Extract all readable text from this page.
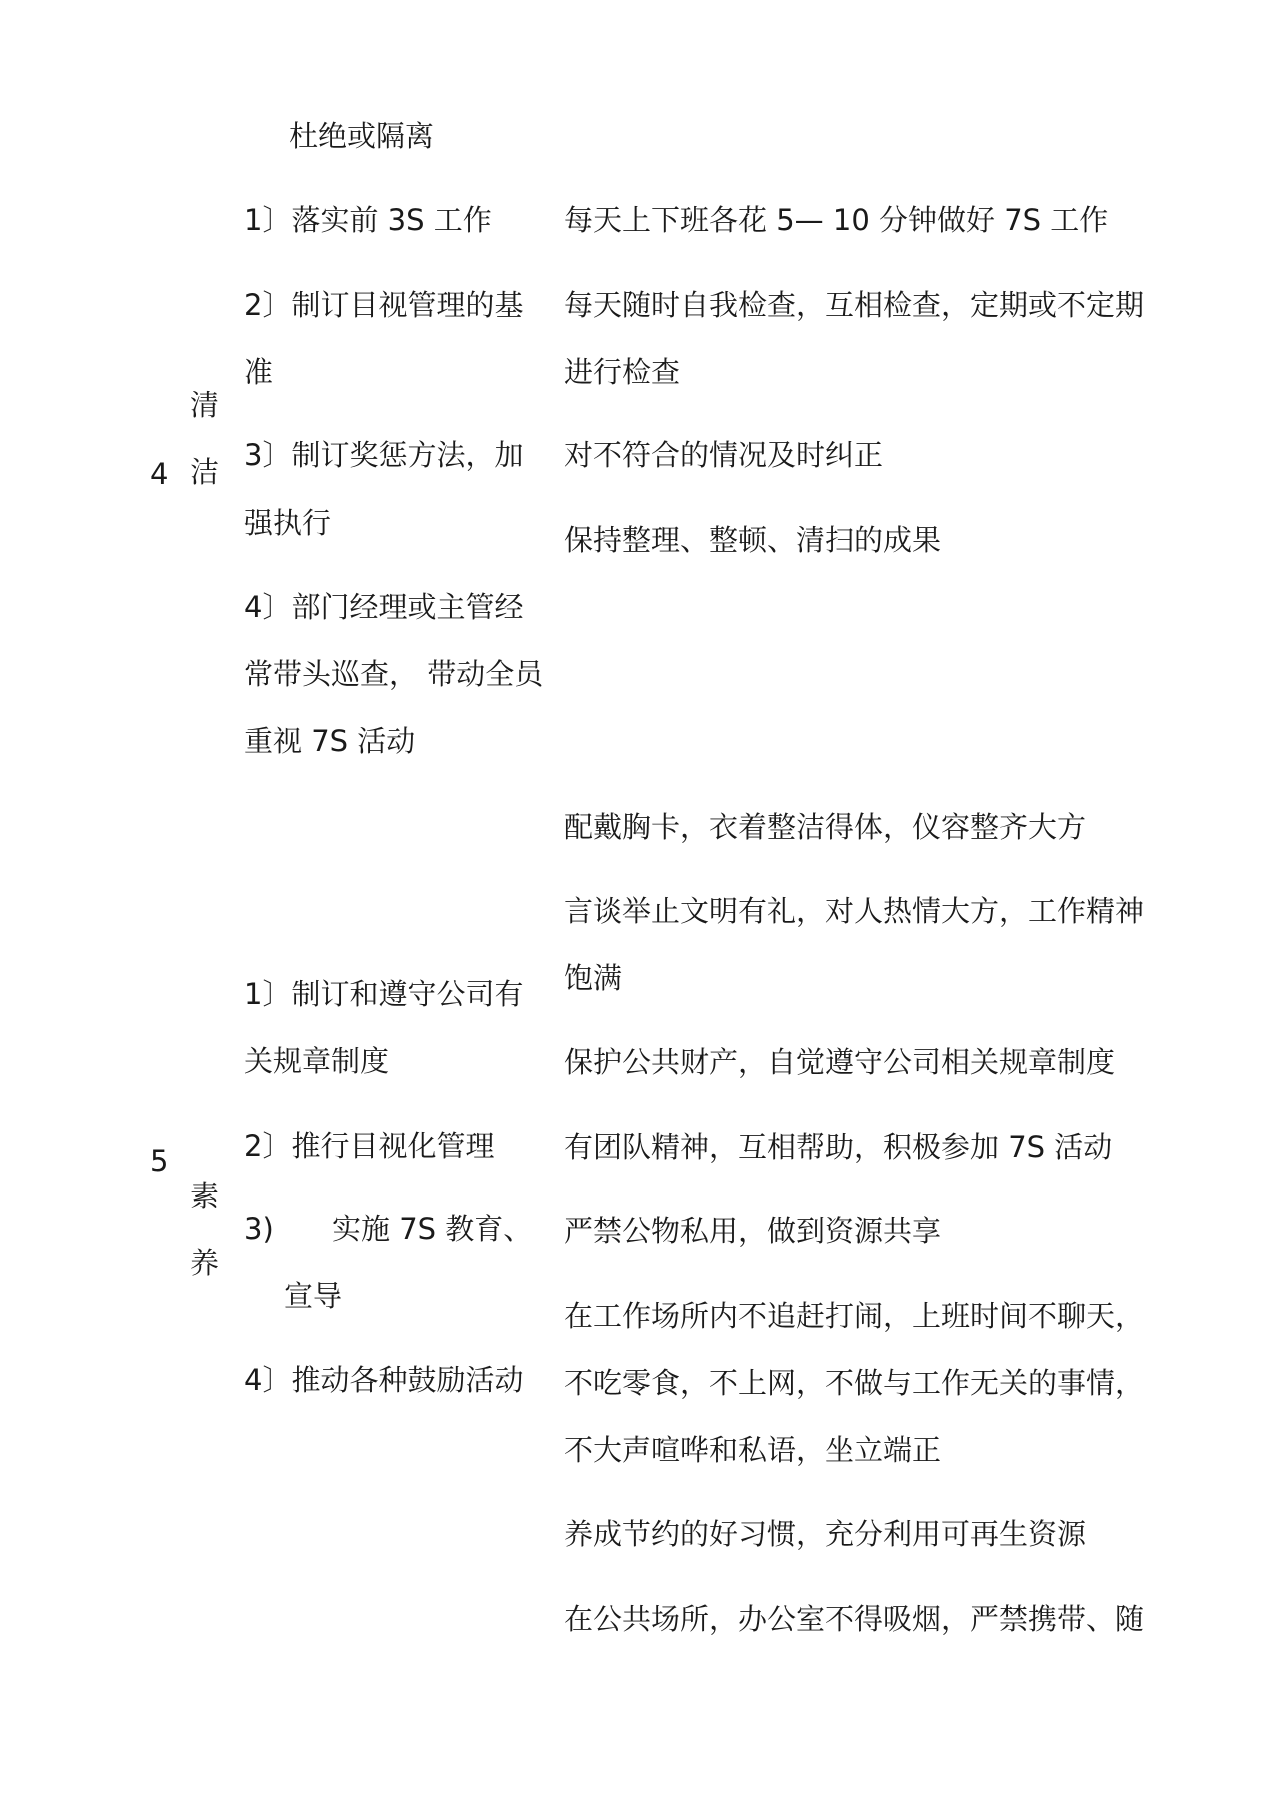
杜绝或隔离
4
清
洁
1〕落实前 3S 工作
2〕制订目视管理的基
准
3〕制订奖惩方法，加
强执行
4〕部门经理或主管经
常带头巡查， 带动全员
重视 7S 活动
每天上下班各花 5— 10 分钟做好 7S 工作
每天随时自我检查，互相检查，定期或不定期
进行检查
对不符合的情况及时纠正
保持整理、整顿、清扫的成果
5
素
养
1〕制订和遵守公司有
关规章制度
2〕推行目视化管理
3) 实施 7S 教育、
宣导
4〕推动各种鼓励活动
配戴胸卡，衣着整洁得体，仪容整齐大方
言谈举止文明有礼，对人热情大方，工作精神
饱满
保护公共财产，自觉遵守公司相关规章制度
有团队精神，互相帮助，积极参加 7S 活动
严禁公物私用，做到资源共享
在工作场所内不追赶打闹，上班时间不聊天，
不吃零食，不上网，不做与工作无关的事情，
不大声喧哗和私语，坐立端正
养成节约的好习惯，充分利用可再生资源
在公共场所，办公室不得吸烟，严禁携带、随
